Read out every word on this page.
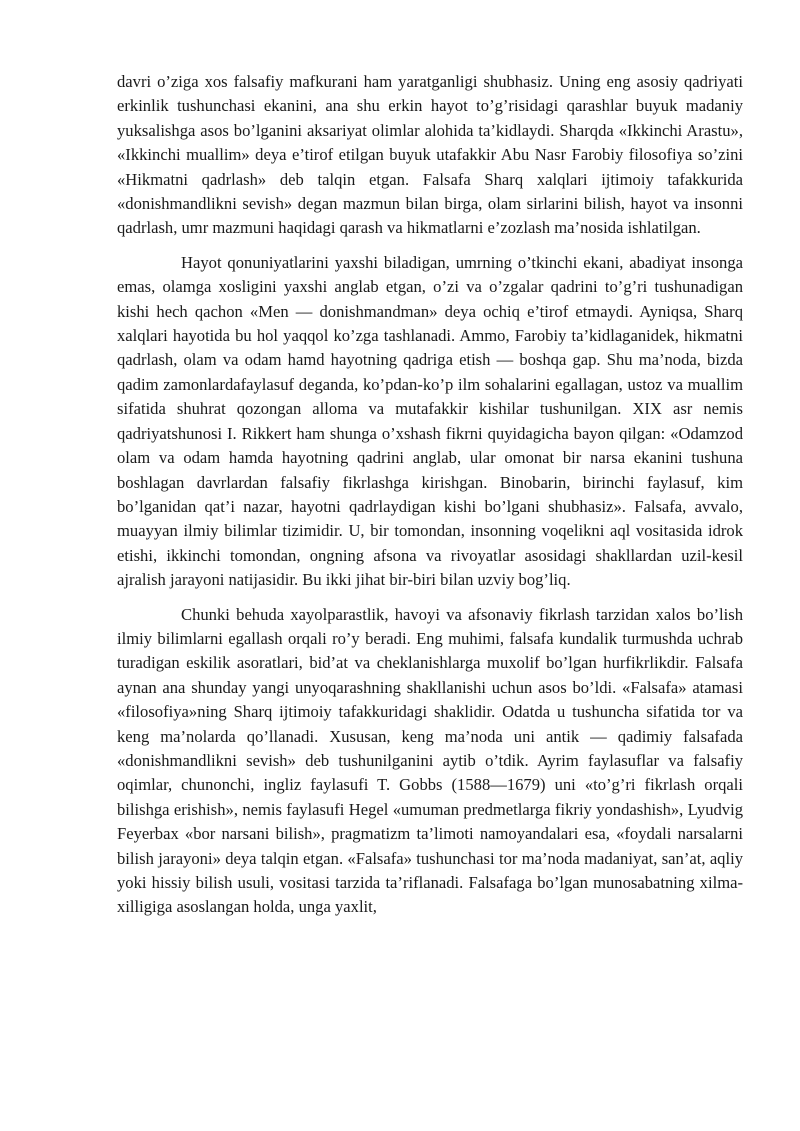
davri o’ziga xos falsafiy mafkurani ham yaratganligi shubhasiz. Uning eng asosiy qadriyati erkinlik tushunchasi ekanini, ana shu erkin hayot to’g’risidagi qarashlar buyuk madaniy yuksalishga asos bo’lganini aksariyat olimlar alohida ta’kidlaydi. Sharqda «Ikkinchi Arastu», «Ikkinchi muallim» deya e’tirof etilgan buyuk utafakkir Abu Nasr Farobiy filosofiya so’zini «Hikmatni qadrlash» deb talqin etgan. Falsafa Sharq xalqlari ijtimoiy tafakkurida «donishmandlikni sevish» degan mazmun bilan birga, olam sirlarini bilish, hayot va insonni qadrlash, umr mazmuni haqidagi qarash va hikmatlarni e’zozlash ma’nosida ishlatilgan.

Hayot qonuniyatlarini yaxshi biladigan, umrning o’tkinchi ekani, abadiyat insonga emas, olamga xosligini yaxshi anglab etgan, o’zi va o’zgalar qadrini to’g’ri tushunadigan kishi hech qachon «Men — donishmandman» deya ochiq e’tirof etmaydi. Ayniqsa, Sharq xalqlari hayotida bu hol yaqqol ko’zga tashlanadi. Ammo, Farobiy ta’kidlaganidek, hikmatni qadrlash, olam va odam hamd hayotning qadriga etish — boshqa gap. Shu ma’noda, bizda qadim zamonlardafaylasuf deganda, ko’pdan-ko’p ilm sohalarini egallagan, ustoz va muallim sifatida shuhrat qozongan alloma va mutafakkir kishilar tushunilgan. XIX asr nemis qadriyatshunosi I. Rikkert ham shunga o’xshash fikrni quyidagicha bayon qilgan: «Odamzod olam va odam hamda hayotning qadrini anglab, ular omonat bir narsa ekanini tushuna boshlagan davrlardan falsafiy fikrlashga kirishgan. Binobarin, birinchi faylasuf, kim bo’lganidan qat’i nazar, hayotni qadrlaydigan kishi bo’lgani shubhasiz». Falsafa, avvalo, muayyan ilmiy bilimlar tizimidir. U, bir tomondan, insonning voqelikni aql vositasida idrok etishi, ikkinchi tomondan, ongning afsona va rivoyatlar asosidagi shakllardan uzil-kesil ajralish jarayoni natijasidir. Bu ikki jihat bir-biri bilan uzviy bog’liq.

Chunki behuda xayolparastlik, havoyi va afsonaviy fikrlash tarzidan xalos bo’lish ilmiy bilimlarni egallash orqali ro’y beradi. Eng muhimi, falsafa kundalik turmushda uchrab turadigan eskilik asoratlari, bid’at va cheklanishlarga muxolif bo’lgan hurfikrlikdir. Falsafa aynan ana shunday yangi unyoqarashning shakllanishi uchun asos bo’ldi. «Falsafa» atamasi «filosofiya»ning Sharq ijtimoiy tafakkuridagi shaklidir. Odatda u tushuncha sifatida tor va keng ma’nolarda qo’llanadi. Xususan, keng ma’noda uni antik — qadimiy falsafada «donishmandlikni sevish» deb tushunilganini aytib o’tdik. Ayrim faylasuflar va falsafiy oqimlar, chunonchi, ingliz faylasufi T. Gobbs (1588—1679) uni «to’g’ri fikrlash orqali bilishga erishish», nemis faylasufi Hegel «umuman predmetlarga fikriy yondashish», Lyudvig Feyerbax «bor narsani bilish», pragmatizm ta’limoti namoyandalari esa, «foydali narsalarni bilish jarayoni» deya talqin etgan. «Falsafa» tushunchasi tor ma’noda madaniyat, san’at, aqliy yoki hissiy bilish usuli, vositasi tarzida ta’riflanadi. Falsafaga bo’lgan munosabatning xilma-xilligiga asoslangan holda, unga yaxlit,
